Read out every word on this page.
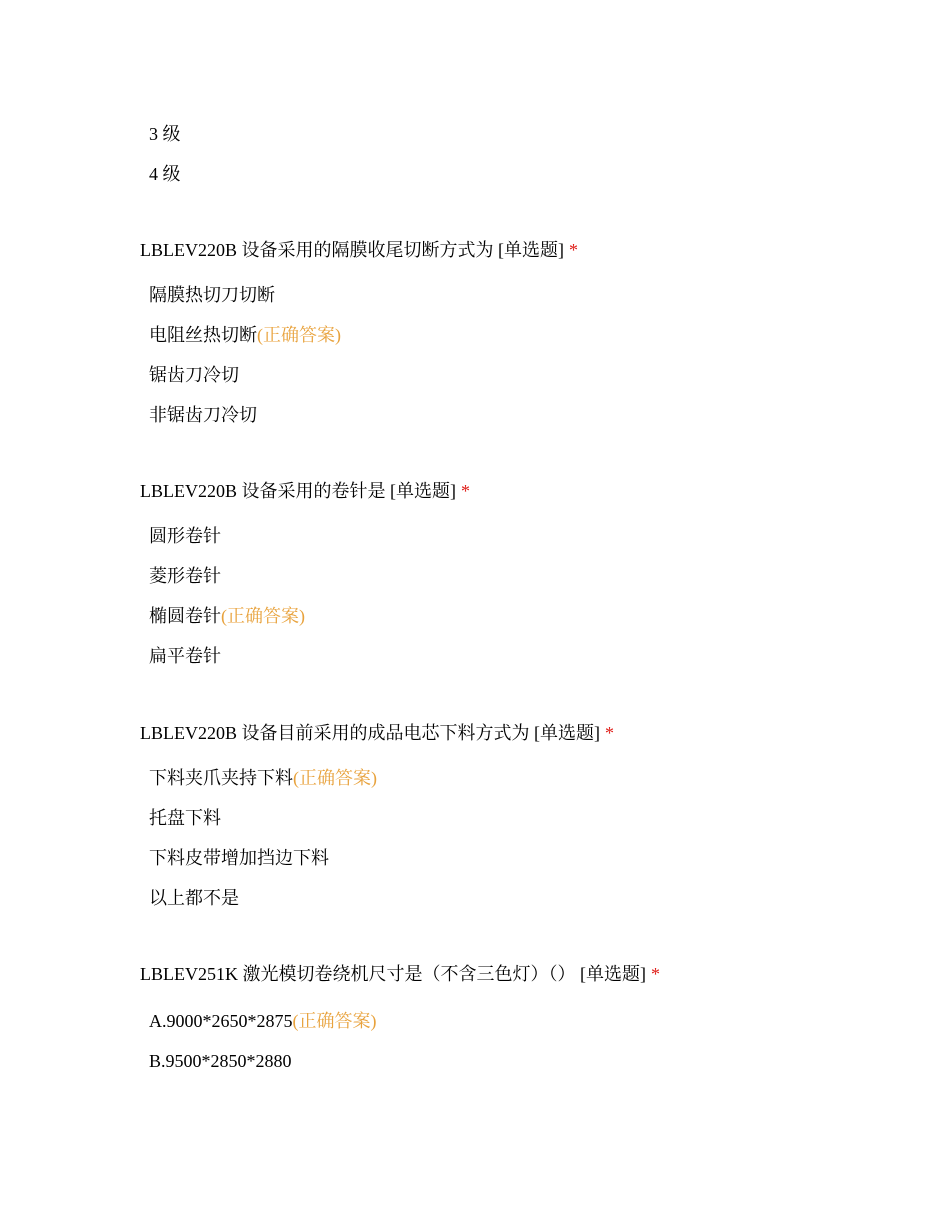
3 级
4 级
LBLEV220B 设备采用的隔膜收尾切断方式为 [单选题] *
隔膜热切刀切断
电阻丝热切断(正确答案)
锯齿刀冷切
非锯齿刀冷切
LBLEV220B 设备采用的卷针是 [单选题] *
圆形卷针
菱形卷针
椭圆卷针(正确答案)
扁平卷针
LBLEV220B 设备目前采用的成品电芯下料方式为 [单选题] *
下料夹爪夹持下料(正确答案)
托盘下料
下料皮带增加挡边下料
以上都不是
LBLEV251K 激光模切卷绕机尺寸是（不含三色灯）（） [单选题] *
A.9000*2650*2875(正确答案)
B.9500*2850*2880
